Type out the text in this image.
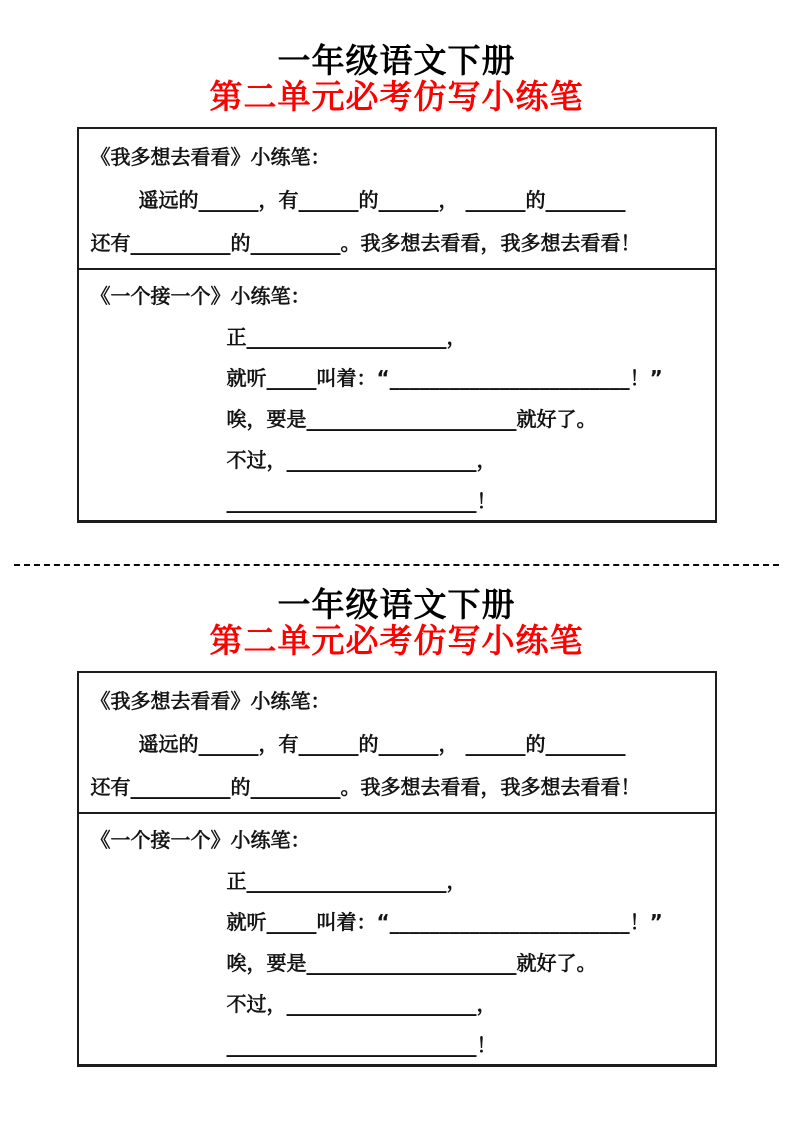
一年级语文下册
第二单元必考仿写小练笔
《我多想去看看》小练笔：
遥远的______，有______的______， ______的________
还有__________的_________。我多想去看看，我多想去看看！
《一个接一个》小练笔：
正____________________，
就听_____叫着：“________________________！”
唉，要是_____________________就好了。
不过，___________________，
_________________________！
一年级语文下册
第二单元必考仿写小练笔
《我多想去看看》小练笔：
遥远的______，有______的______， ______的________
还有__________的_________。我多想去看看，我多想去看看！
《一个接一个》小练笔：
正____________________，
就听_____叫着：“________________________！”
唉，要是_____________________就好了。
不过，___________________，
_________________________！
